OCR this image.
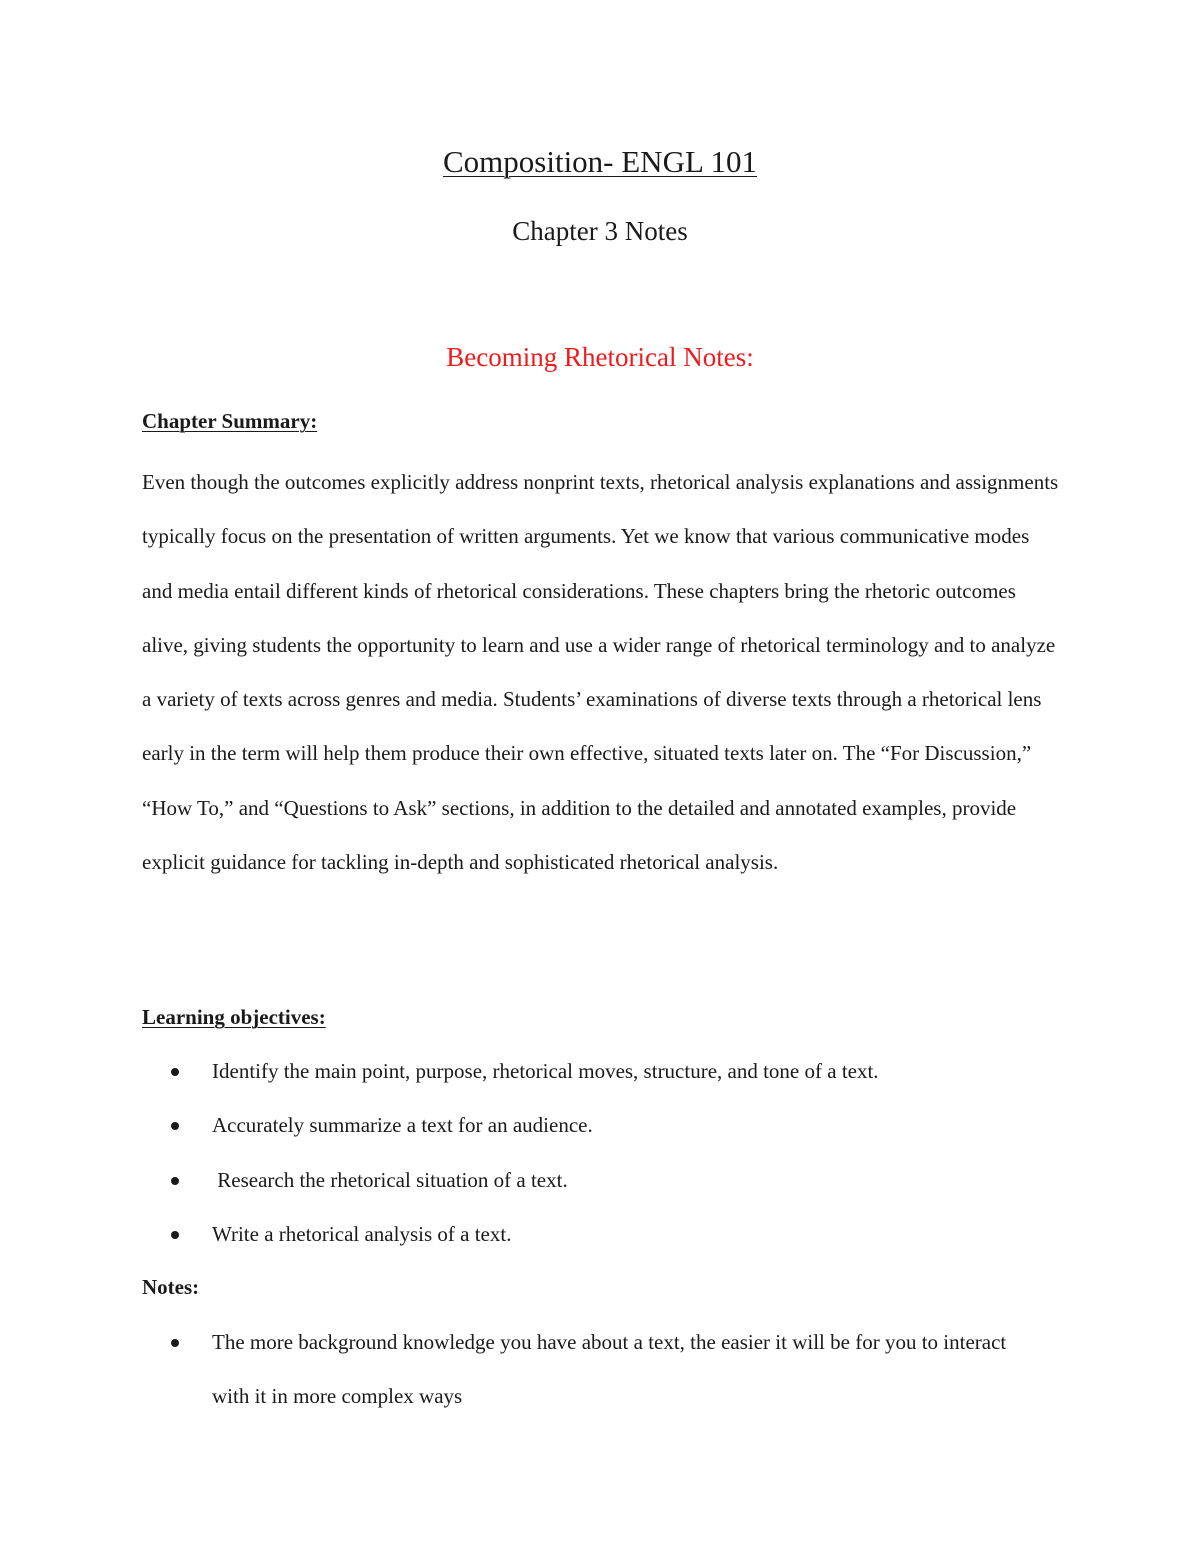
Composition- ENGL 101
Chapter 3 Notes
Becoming Rhetorical Notes:
Chapter Summary:

Even though the outcomes explicitly address nonprint texts, rhetorical analysis explanations and assignments typically focus on the presentation of written arguments. Yet we know that various communicative modes and media entail different kinds of rhetorical considerations. These chapters bring the rhetoric outcomes alive, giving students the opportunity to learn and use a wider range of rhetorical terminology and to analyze a variety of texts across genres and media. Students’ examinations of diverse texts through a rhetorical lens early in the term will help them produce their own effective, situated texts later on. The “For Discussion,” “How To,” and “Questions to Ask” sections, in addition to the detailed and annotated examples, provide explicit guidance for tackling in-depth and sophisticated rhetorical analysis.

Learning objectives:
Identify the main point, purpose, rhetorical moves, structure, and tone of a text.
Accurately summarize a text for an audience.
Research the rhetorical situation of a text.
Write a rhetorical analysis of a text.
Notes:
The more background knowledge you have about a text, the easier it will be for you to interact with it in more complex ways
